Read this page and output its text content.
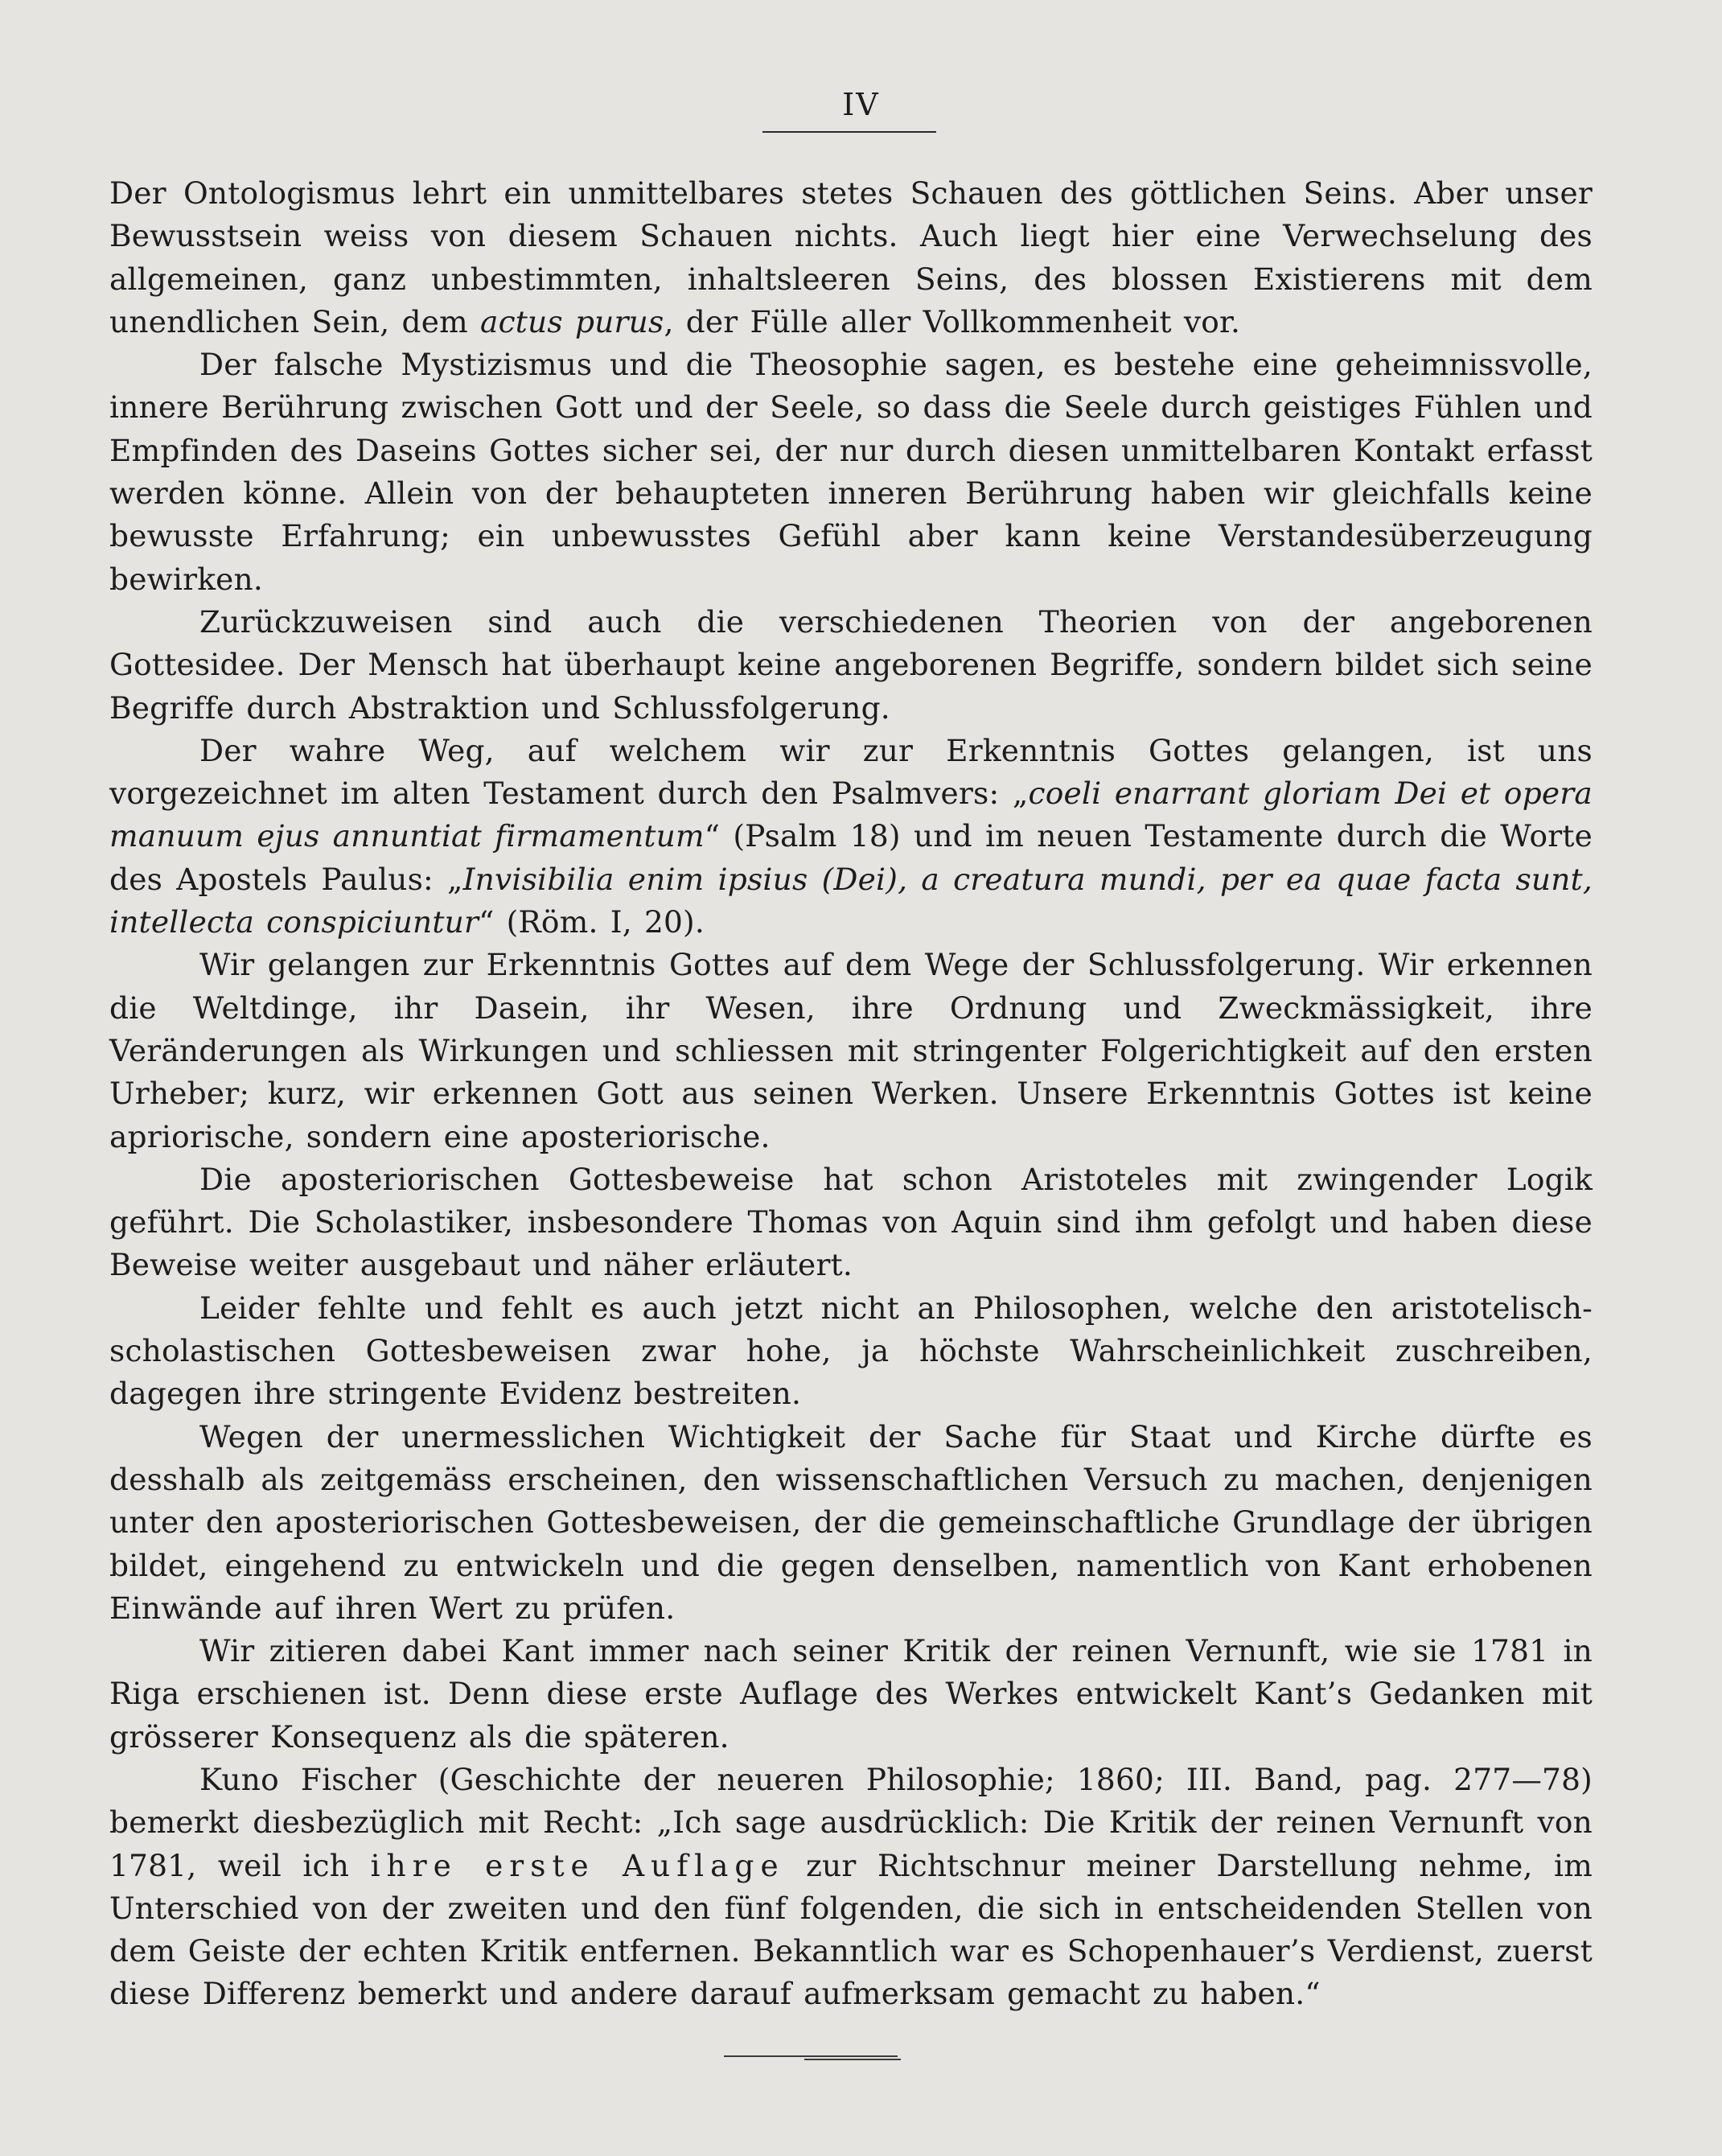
IV

Der Ontologismus lehrt ein unmittelbares stetes Schauen des göttlichen Seins. Aber unser Bewusstsein weiss von diesem Schauen nichts. Auch liegt hier eine Verwechselung des allgemeinen, ganz unbestimmten, inhaltsleeren Seins, des blossen Existierens mit dem unendlichen Sein, dem actus purus, der Fülle aller Vollkommenheit vor.

Der falsche Mystizismus und die Theosophie sagen, es bestehe eine geheimnissvolle, innere Berührung zwischen Gott und der Seele, so dass die Seele durch geistiges Fühlen und Empfinden des Daseins Gottes sicher sei, der nur durch diesen unmittelbaren Kontakt erfasst werden könne. Allein von der behaupteten inneren Berührung haben wir gleichfalls keine bewusste Erfahrung; ein unbewusstes Gefühl aber kann keine Verstandesüberzeugung bewirken.

Zurückzuweisen sind auch die verschiedenen Theorien von der angeborenen Gottesidee. Der Mensch hat überhaupt keine angeborenen Begriffe, sondern bildet sich seine Begriffe durch Abstraktion und Schlussfolgerung.

Der wahre Weg, auf welchem wir zur Erkenntnis Gottes gelangen, ist uns vorgezeichnet im alten Testament durch den Psalmvers: „coeli enarrant gloriam Dei et opera manuum ejus annuntiat firmamentum“ (Psalm 18) und im neuen Testamente durch die Worte des Apostels Paulus: „Invisibilia enim ipsius (Dei), a creatura mundi, per ea quae facta sunt, intellecta conspiciuntur“ (Röm. I, 20).

Wir gelangen zur Erkenntnis Gottes auf dem Wege der Schlussfolgerung. Wir erkennen die Weltdinge, ihr Dasein, ihr Wesen, ihre Ordnung und Zweckmässigkeit, ihre Veränderungen als Wirkungen und schliessen mit stringenter Folgerichtigkeit auf den ersten Urheber; kurz, wir erkennen Gott aus seinen Werken. Unsere Erkenntnis Gottes ist keine apriorische, sondern eine aposteriorische.

Die aposteriorischen Gottesbeweise hat schon Aristoteles mit zwingender Logik geführt. Die Scholastiker, insbesondere Thomas von Aquin sind ihm gefolgt und haben diese Beweise weiter ausgebaut und näher erläutert.

Leider fehlte und fehlt es auch jetzt nicht an Philosophen, welche den aristotelisch-scholastischen Gottesbeweisen zwar hohe, ja höchste Wahrscheinlichkeit zuschreiben, dagegen ihre stringente Evidenz bestreiten.

Wegen der unermesslichen Wichtigkeit der Sache für Staat und Kirche dürfte es desshalb als zeitgemäss erscheinen, den wissenschaftlichen Versuch zu machen, denjenigen unter den aposteriorischen Gottesbeweisen, der die gemeinschaftliche Grundlage der übrigen bildet, eingehend zu entwickeln und die gegen denselben, namentlich von Kant erhobenen Einwände auf ihren Wert zu prüfen.

Wir zitieren dabei Kant immer nach seiner Kritik der reinen Vernunft, wie sie 1781 in Riga erschienen ist. Denn diese erste Auflage des Werkes entwickelt Kant’s Gedanken mit grösserer Konsequenz als die späteren.

Kuno Fischer (Geschichte der neueren Philosophie; 1860; III. Band, pag. 277—78) bemerkt diesbezüglich mit Recht: „Ich sage ausdrücklich: Die Kritik der reinen Vernunft von 1781, weil ich ihre erste Auflage zur Richtschnur meiner Darstellung nehme, im Unterschied von der zweiten und den fünf folgenden, die sich in entscheidenden Stellen von dem Geiste der echten Kritik entfernen. Bekanntlich war es Schopenhauer’s Verdienst, zuerst diese Differenz bemerkt und andere darauf aufmerksam gemacht zu haben.“
